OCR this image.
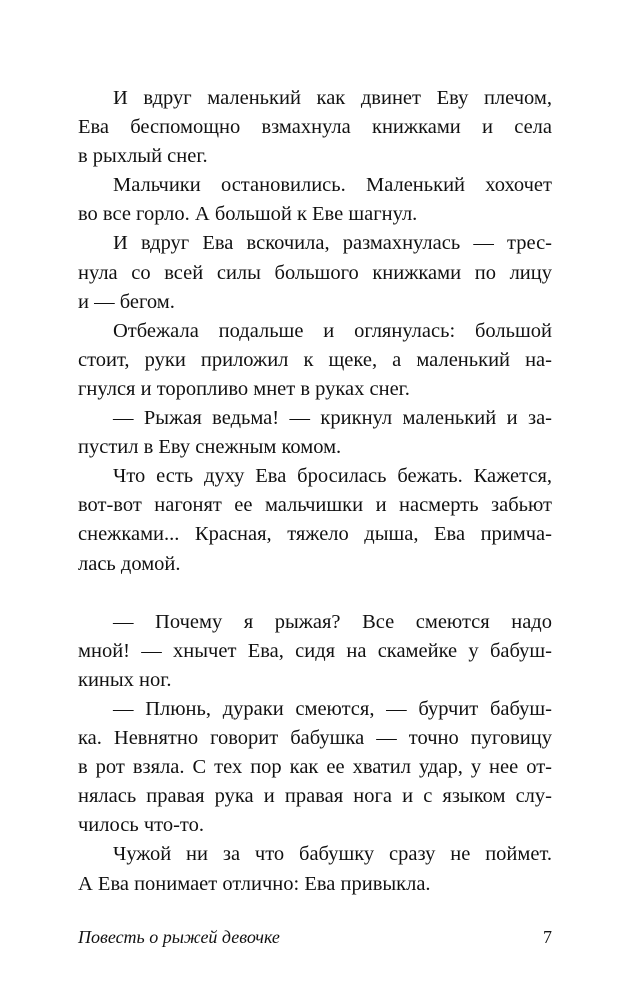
И вдруг маленький как двинет Еву плечом,
Ева беспомощно взмахнула книжками и села
в рыхлый снег.
Мальчики остановились. Маленький хохочет
во все горло. А большой к Еве шагнул.
И вдруг Ева вскочила, размахнулась — трес-
нула со всей силы большого книжками по лицу
и — бегом.
Отбежала подальше и оглянулась: большой
стоит, руки приложил к щеке, а маленький на-
гнулся и торопливо мнет в руках снег.
— Рыжая ведьма! — крикнул маленький и за-
пустил в Еву снежным комом.
Что есть духу Ева бросилась бежать. Кажется,
вот-вот нагонят ее мальчишки и насмерть забьют
снежками... Красная, тяжело дыша, Ева примча-
лась домой.
— Почему я рыжая? Все смеются надо
мной! — хнычет Ева, сидя на скамейке у бабуш-
киных ног.
— Плюнь, дураки смеются, — бурчит бабуш-
ка. Невнятно говорит бабушка — точно пуговицу
в рот взяла. С тех пор как ее хватил удар, у нее от-
нялась правая рука и правая нога и с языком слу-
чилось что-то.
Чужой ни за что бабушку сразу не поймет.
А Ева понимает отлично: Ева привыкла.
Повесть о рыжей девочке	7
